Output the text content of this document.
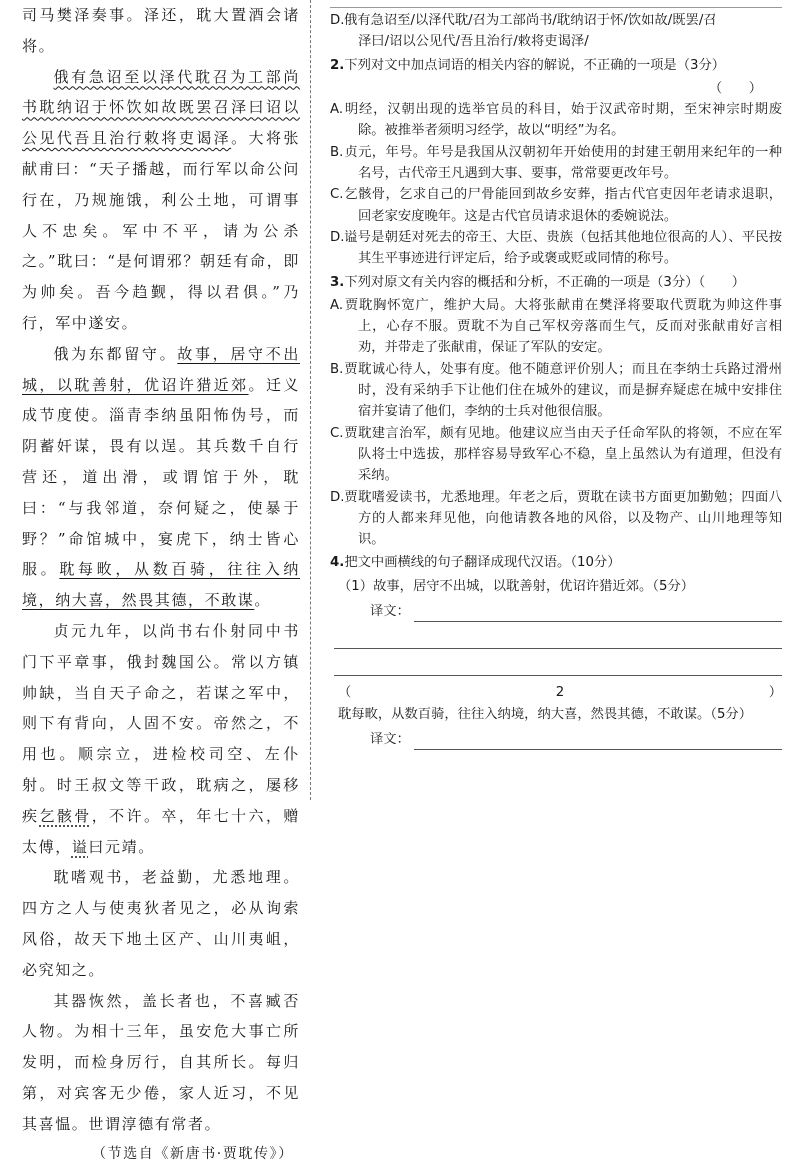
司马樊泽奏事。泽还，耽大置酒会诸将。

俄有急诏至以泽代耽召为工部尚书耽纳诏于怀饮如故既罢召泽曰诏以公见代吾且治行敕将吏谒泽。大将张献甫曰：“天子播越，而行军以命公问行在，乃规施饿，利公土地，可谓事人不忠矣。军中不平，请为公杀之。”耽曰：“是何谓邪？朝廷有命，即为帅矣。吾今趋觐，得以君俱。”乃行，军中遂安。

俄为东都留守。故事，居守不出城，以耽善射，优诏许猎近郊。迁义成节度使。淄青李纳虽阳怖伪号，而阴蓄奸谋，畏有以逞。其兵数千自行营还，道出滑，或谓馆于外，耽曰：“与我邻道，奈何疑之，使暴于野？”命馆城中，宴虎下，纳士皆心服。耽每畋，从数百骑，往往入纳境，纳大喜，然畏其德，不敢谋。

贞元九年，以尚书右仆射同中书门下平章事，俄封魏国公。常以方镇帅缺，当自天子命之，若谋之军中，则下有背向，人固不安。帝然之，不用也。顺宗立，进检校司空、左仆射。时王叔文等干政，耽病之，屡移疾乞骸骨，不许。卒，年七十六，赠太傅，谥曰元靖。

耽嗜观书，老益勤，尤悉地理。四方之人与使夷狄者见之，必从询索风俗，故天下地土区产、山川夷岨，必究知之。

其器恢然，盖长者也，不喜臧否人物。为相十三年，虽安危大事亡所发明，而检身厉行，自其所长。每归第，对宾客无少倦，家人近习，不见其喜愠。世谓淳德有常者。

（节选自《新唐书·贾耽传》）
D.俄有急诏至/以泽代耽/召为工部尚书/耽纳诏于怀/饮如故/既罢/召
泽曰/诏以公见代/吾且治行/敕将吏谒泽/
2.下列对文中加点词语的相关内容的解说，不正确的一项是（3分）
（　　）
A.明经，汉朝出现的选举官员的科目，始于汉武帝时期，至宋神宗时期废除。被推举者须明习经学，故以“明经”为名。
B.贞元，年号。年号是我国从汉朝初年开始使用的封建王朝用来纪年的一种名号，古代帝王凡遇到大事、要事，常常要更改年号。
C.乞骸骨，乞求自己的尸骨能回到故乡安葬，指古代官吏因年老请求退职，回老家安度晚年。这是古代官员请求退休的委婉说法。
D.谥号是朝廷对死去的帝王、大臣、贵族（包括其他地位很高的人）、平民按其生平事迹进行评定后，给予或褒或贬或同情的称号。
3.下列对原文有关内容的概括和分析，不正确的一项是（3分）（　　）
A.贾耽胸怀宽广，维护大局。大将张献甫在樊泽将要取代贾耽为帅这件事上，心存不服。贾耽不为自己军权旁落而生气，反而对张献甫好言相劝，并带走了张献甫，保证了军队的安定。
B.贾耽诚心待人，处事有度。他不随意评价别人；而且在李纳士兵路过滑州时，没有采纳手下让他们住在城外的建议，而是摒弃疑虑在城中安排住宿并宴请了他们，李纳的士兵对他很信服。
C.贾耽建言治军，颇有见地。他建议应当由天子任命军队的将领，不应在军队将士中选拔，那样容易导致军心不稳，皇上虽然认为有道理，但没有采纳。
D.贾耽嗜爱读书，尤悉地理。年老之后，贾耽在读书方面更加勤勉；四面八方的人都来拜见他，向他请教各地的风俗，以及物产、山川地理等知识。
4.把文中画横线的句子翻译成现代汉语。（10分）
（1）故事，居守不出城，以耽善射，优诏许猎近郊。（5分）
译文：
（2）耽每畋，从数百骑，往往入纳境，纳大喜，然畏其德，不敢谋。（5分）
译文：
